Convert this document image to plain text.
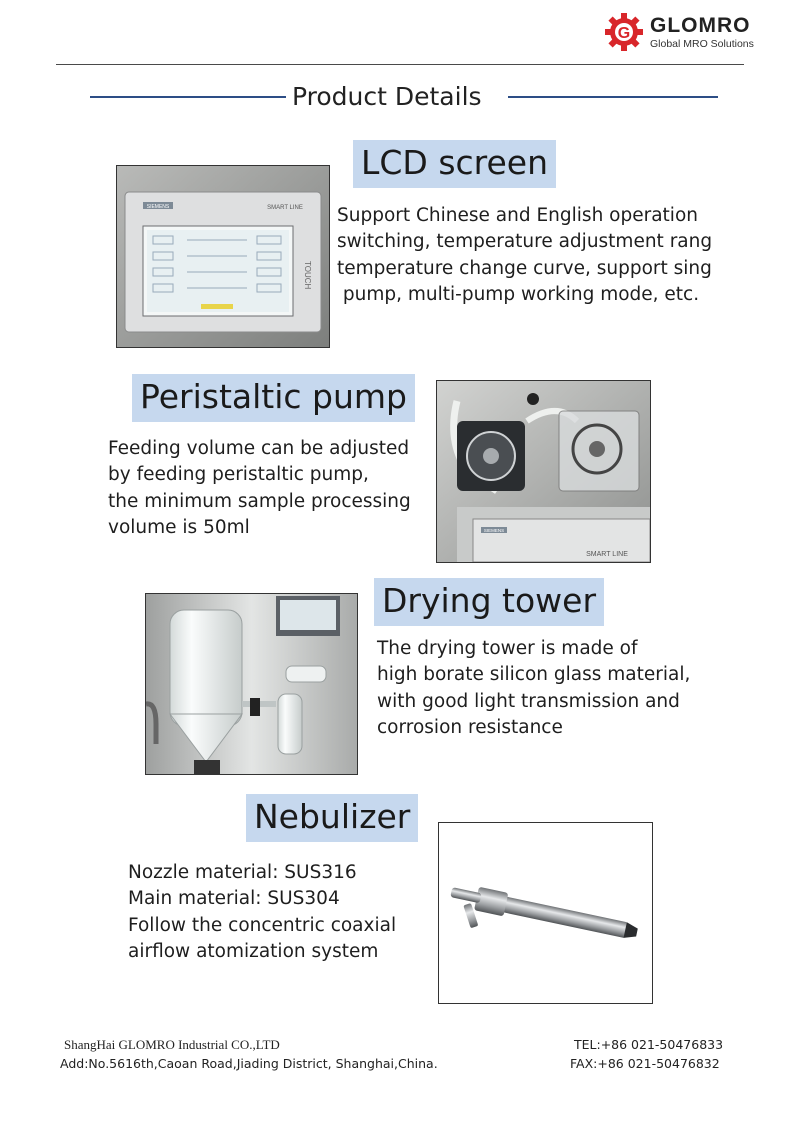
G GLOMRO
Global MRO Solutions
Product Details
SIEMENS	SMART LINE
TOUCH
LCD screen
Support Chinese and English operation
switching, temperature adjustment rang
temperature change curve, support sing
pump, multi-pump working mode, etc.
Peristaltic pump
Feeding volume can be adjusted
by feeding peristaltic pump,
the minimum sample processing
volume is 50ml	SIEMENS
SMART LINE
Drying tower
The drying tower is made of
high borate silicon glass material,
with good light transmission and
corrosion resistance
Nebulizer
Nozzle material: SUS316
Main material: SUS304
Follow the concentric coaxial
airflow atomization system
ShangHai GLOMRO Industrial CO.,LTD
Add:No.5616th,Caoan Road,Jiading District, Shanghai,China.
TEL:+86 021-50476833
FAX:+86 021-50476832
